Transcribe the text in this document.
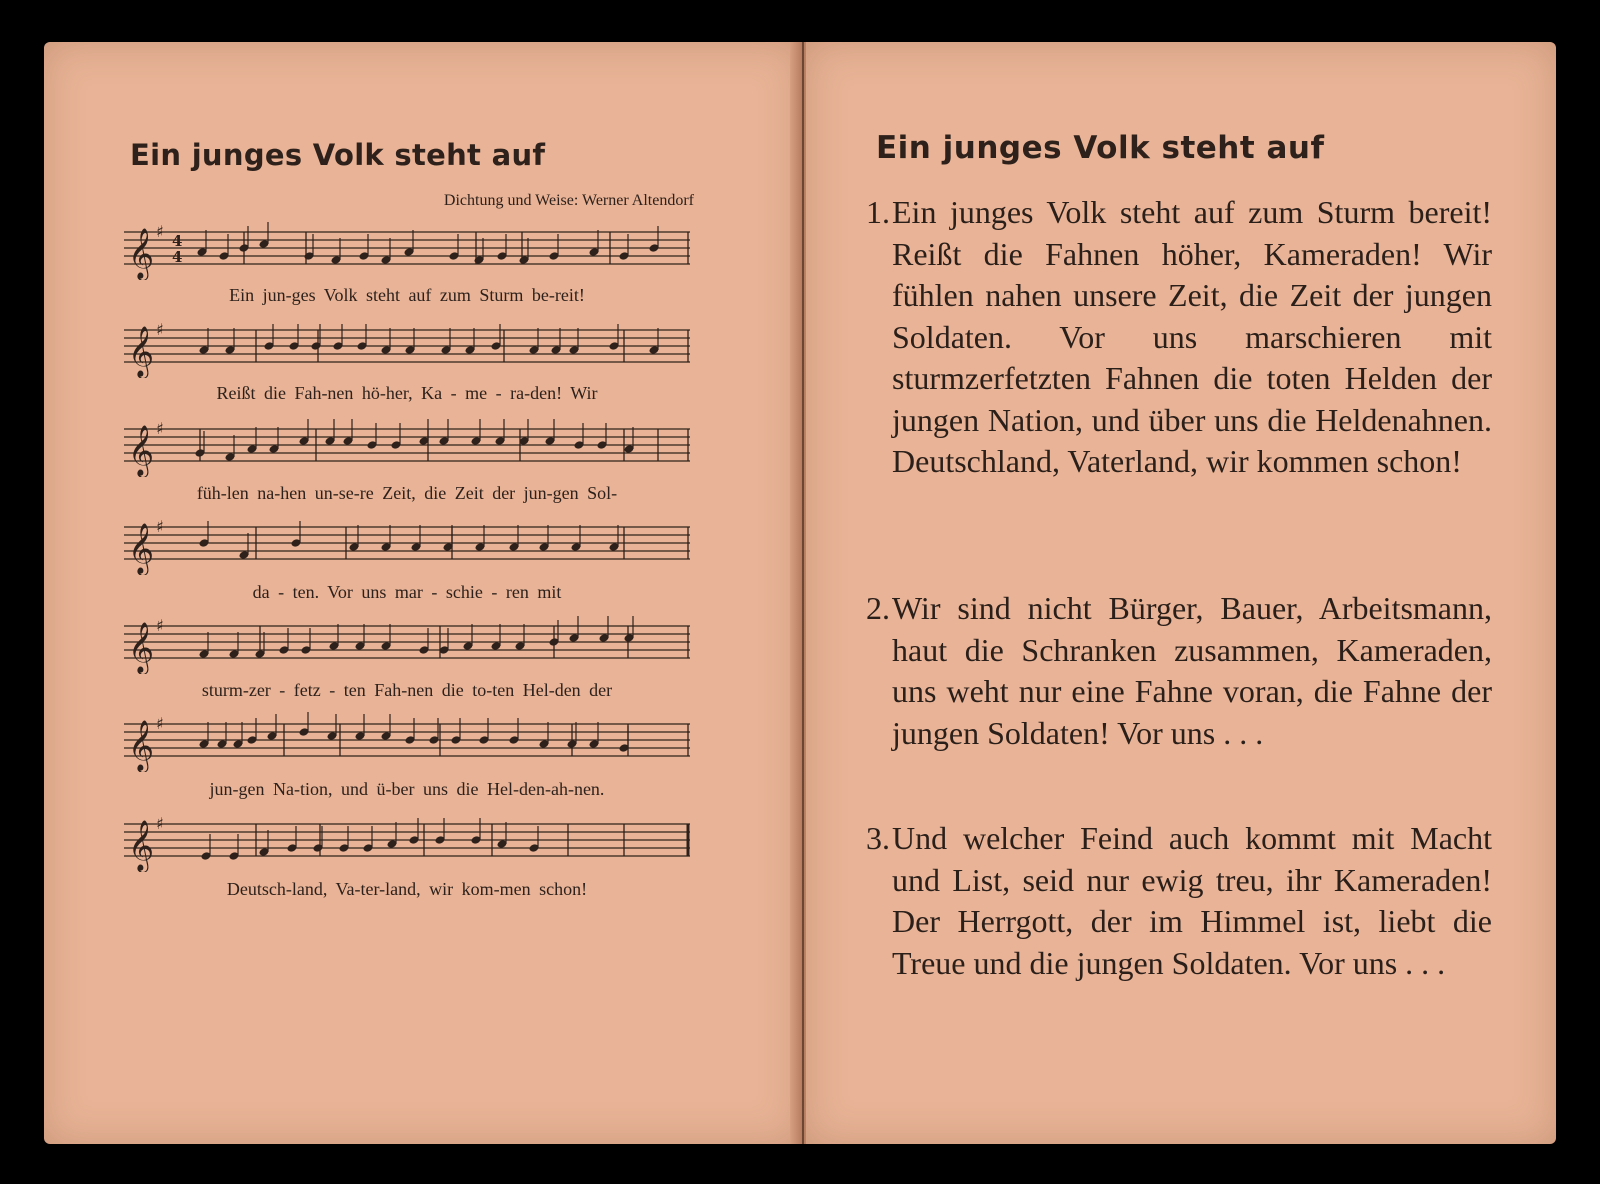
Ein junges Volk steht auf
Dichtung und Weise: Werner Altendorf
𝄞 ♯ 4
4
Ein jun-ges Volk steht auf zum Sturm be-reit!
𝄞 ♯
Reißt die Fah-nen hö-her, Ka - me - ra-den! Wir
𝄞 ♯
füh-len na-hen un-se-re Zeit, die Zeit der jun-gen Sol-
𝄞 ♯
da - ten. Vor uns mar - schie - ren mit
𝄞 ♯
sturm-zer - fetz - ten Fah-nen die to-ten Hel-den der
𝄞 ♯
jun-gen Na-tion, und ü-ber uns die Hel-den-ah-nen.
𝄞 ♯
Deutsch-land, Va-ter-land, wir kom-men schon!
Ein junges Volk steht auf
1. Ein junges Volk steht auf zum Sturm bereit! Reißt die Fahnen höher, Kameraden! Wir fühlen nahen unsere Zeit, die Zeit der jungen Soldaten. Vor uns marschieren mit sturmzerfetzten Fahnen die toten Helden der jungen Nation, und über uns die Heldenahnen. Deutschland, Vaterland, wir kommen schon!
2. Wir sind nicht Bürger, Bauer, Arbeitsmann, haut die Schranken zusammen, Kameraden, uns weht nur eine Fahne voran, die Fahne der jungen Soldaten! Vor uns . . .
3. Und welcher Feind auch kommt mit Macht und List, seid nur ewig treu, ihr Kameraden! Der Herrgott, der im Himmel ist, liebt die Treue und die jungen Soldaten. Vor uns . . .
